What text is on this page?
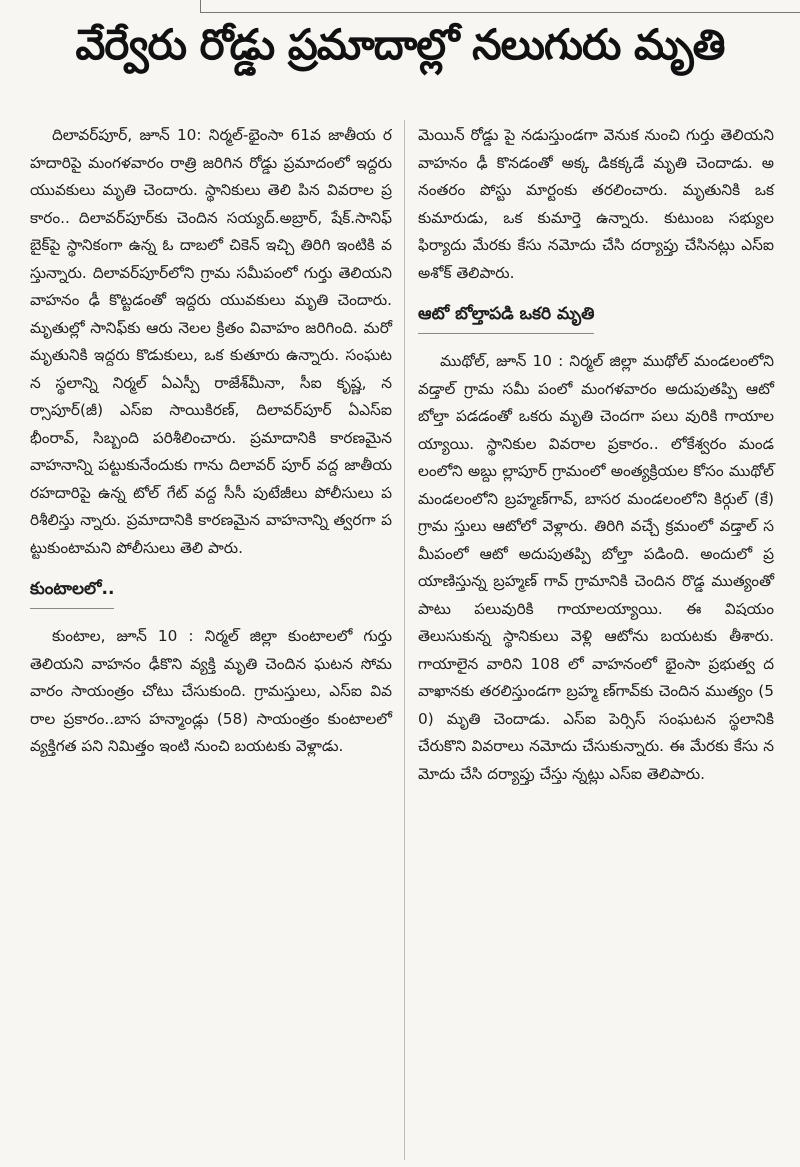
వేర్వేరు రోడ్డు ప్రమాదాల్లో నలుగురు మృతి

దిలావర్‌పూర్, జూన్ 10: నిర్మల్-భైంసా 61వ జాతీయ రహదారిపై మంగళవారం రాత్రి జరిగిన రోడ్డు ప్రమాదంలో ఇద్దరు యువకులు మృతి చెందారు. స్థానికులు తెలి పిన వివరాల ప్రకారం.. దిలావర్‌పూర్‌కు చెందిన సయ్యద్.అబ్రార్, షేక్.సానిఫ్ బైక్‌పై స్థానికంగా ఉన్న ఓ దాబలో చికెన్ ఇచ్చి తిరిగి ఇంటికి వస్తున్నారు. దిలావర్‌పూర్‌లోని గ్రామ సమీపంలో గుర్తు తెలియని వాహనం ఢీ కొట్టడంతో ఇద్దరు యువకులు మృతి చెందారు. మృతుల్లో సానిఫ్‌కు ఆరు నెలల క్రితం వివాహం జరిగింది. మరో మృతునికి ఇద్దరు కొడుకులు, ఒక కుతూరు ఉన్నారు. సంఘటన స్థలాన్ని నిర్మల్ ఏఎస్పీ రాజేశ్‌మీనా, సీఐ కృష్ణ, నర్సాపూర్(జీ) ఎస్ఐ సాయికిరణ్, దిలావర్‌పూర్ ఏఎస్ఐ భీంరావ్, సిబ్బంది పరిశీలించారు. ప్రమాదానికి కారణమైన వాహనాన్ని పట్టుకునేందుకు గాను దిలావర్ పూర్ వద్ద జాతీయ రహదారిపై ఉన్న టోల్ గేట్ వద్ద సీసీ పుటేజీలు పోలీసులు పరిశీలిస్తు న్నారు. ప్రమాదానికి కారణమైన వాహనాన్ని త్వరగా పట్టుకుంటామని పోలీసులు తెలి పారు.

కుంటాలలో..

కుంటాల, జూన్ 10 : నిర్మల్ జిల్లా కుంటాలలో గుర్తు తెలియని వాహనం ఢీకొని వ్యక్తి మృతి చెందిన ఘటన సోమవారం సాయంత్రం చోటు చేసుకుంది. గ్రామస్తులు, ఎస్ఐ వివరాల ప్రకారం..బాస హన్మాండ్లు (58) సాయంత్రం కుంటాలలో వ్యక్తిగత పని నిమిత్తం ఇంటి నుంచి బయటకు వెళ్లాడు.

మెయిన్ రోడ్డు పై నడుస్తుండగా వెనుక నుంచి గుర్తు తెలియని వాహనం ఢీ కొనడంతో అక్క డికక్కడే మృతి చెందాడు. అనంతరం పోస్టు మార్టంకు తరలించారు. మృతునికి ఒక కుమారుడు, ఒక కుమార్తె ఉన్నారు. కుటుంబ సభ్యుల ఫిర్యాదు మేరకు కేసు నమోదు చేసి దర్యాప్తు చేసినట్లు ఎస్ఐ అశోక్ తెలిపారు.

ఆటో బోల్తాపడి ఒకరి మృతి

ముథోల్, జూన్ 10 : నిర్మల్ జిల్లా ముథోల్ మండలంలోని వడ్తాల్ గ్రామ సమీ పంలో మంగళవారం అదుపుతప్పి ఆటో బోల్తా పడడంతో ఒకరు మృతి చెందగా పలు వురికి గాయాలయ్యాయి. స్థానికుల వివరాల ప్రకారం.. లోకేశ్వరం మండలంలోని అబ్దు ల్లాపూర్ గ్రామంలో అంత్యక్రియల కోసం ముథోల్ మండలంలోని బ్రహ్మణ్‌గావ్, బాసర మండలంలోని కిర్గుల్ (కే) గ్రామ స్తులు ఆటోలో వెళ్లారు. తిరిగి వచ్చే క్రమంలో వడ్తాల్ సమీపంలో ఆటో అదుపుతప్పి బోల్తా పడింది. అందులో ప్రయాణిస్తున్న బ్రహ్మణ్ గావ్ గ్రామానికి చెందిన రొడ్డ ముత్యంతో పాటు పలువురికి గాయాలయ్యాయి. ఈ విషయం తెలుసుకున్న స్థానికులు వెళ్లి ఆటోను బయటకు తీశారు. గాయాలైన వారిని 108 లో వాహనంలో భైంసా ప్రభుత్వ దవాఖానకు తరలిస్తుండగా బ్రహ్మ ణ్‌గావ్‌కు చెందిన ముత్యం (50) మృతి చెందాడు. ఎస్ఐ పెర్సిస్ సంఘటన స్థలానికి చేరుకొని వివరాలు నమోదు చేసుకున్నారు. ఈ మేరకు కేసు నమోదు చేసి దర్యాప్తు చేస్తు న్నట్లు ఎస్ఐ తెలిపారు.
